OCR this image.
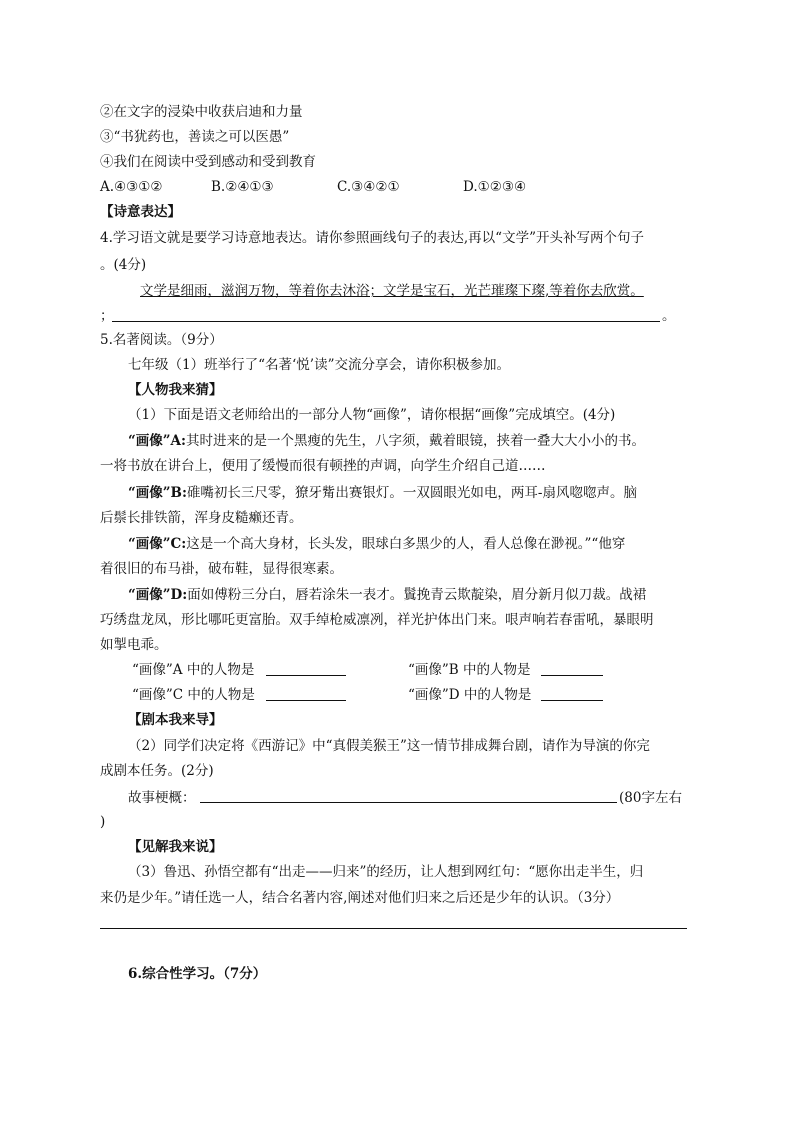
②在文字的浸染中收获启迪和力量
③“书犹药也，善读之可以医愚”
④我们在阅读中受到感动和受到教育
A.④③①②	B.②④①③	C.③④②①	D.①②③④
【诗意表达】
4.学习语文就是要学习诗意地表达。请你参照画线句子的表达,再以“文学”开头补写两个句子
。(4分)
文学是细雨，滋润万物，等着你去沐浴；文学是宝石，光芒璀璨下璨,等着你去欣赏。
；	。
5.名著阅读。（9分）
七年级（1）班举行了“名著‘悦’读”交流分享会，请你积极参加。
【人物我来猜】
（1）下面是语文老师给出的一部分人物“画像”，请你根据“画像”完成填空。(4分)
“画像”A:其时进来的是一个黑瘦的先生，八字须，戴着眼镜，挟着一叠大大小小的书。
一将书放在讲台上，便用了缓慢而很有顿挫的声调，向学生介绍自己道……
“画像”B:碓嘴初长三尺零，獠牙觜出赛银灯。一双圆眼光如电，两耳-扇风唿唿声。脑
后鬃长排铁箭，浑身皮糙癞还青。
“画像”C:这是一个高大身材，长头发，眼球白多黑少的人，看人总像在渺视。”“他穿
着很旧的布马褂，破布鞋，显得很寒素。
“画像”D:面如傅粉三分白，唇若涂朱一表才。鬒挽青云欺靛染，眉分新月似刀裁。战裙
巧绣盘龙凤，形比哪吒更富胎。双手绰枪威凛冽，祥光护体出门来。哏声响若春雷吼，暴眼明
如掣电乖。
“画像”A 中的人物是	“画像”B 中的人物是
“画像”C 中的人物是	“画像”D 中的人物是
【剧本我来导】
（2）同学们决定将《西游记》中“真假美猴王”这一情节排成舞台剧，请作为导演的你完
成剧本任务。(2分)
故事梗概：	(80字左右
)
【见解我来说】
（3）鲁迅、孙悟空都有“出走——归来”的经历，让人想到网红句：“愿你出走半生，归
来仍是少年。”请任选一人，结合名著内容,阐述对他们归来之后还是少年的认识。（3分）
6.综合性学习。（7分）
